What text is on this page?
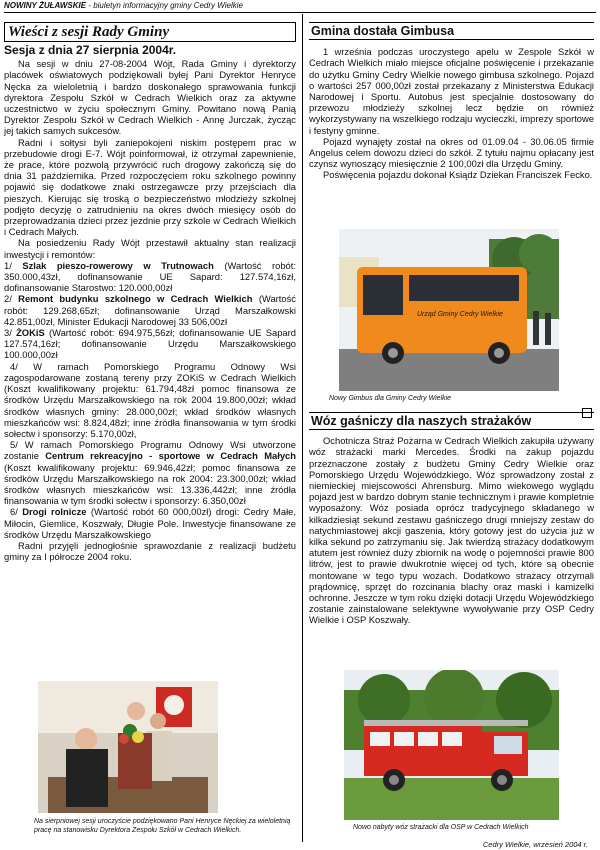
NOWINY ŻUŁAWSKIE - biuletyn informacyjny gminy Cedry Wielkie
Wieści z sesji Rady Gminy
Sesja z dnia 27 sierpnia 2004r.

Na sesji w dniu 27-08-2004 Wójt, Rada Gminy i dyrektorzy placówek oświatowych podziękowali byłej Pani Dyrektor Henryce Nęcka za wieloletnią i bardzo doskonałego sprawowania funkcji dyrektora Zespołu Szkół w Cedrach Wielkich oraz za aktywne uczestnictwo w życiu społecznym Gminy. Powitano nową Panią Dyrektor Zespołu Szkół w Cedrach Wielkich - Annę Jurczak, życząc jej takich samych sukcesów.

Radni i sołtysi byli zaniepokojeni niskim postępem prac w przebudowie drogi E-7. Wójt poinformował, iż otrzymał zapewnienie, że prace, które pozwolą przywrócić ruch drogowy zakończą się do dnia 31 października. Przed rozpoczęciem roku szkolnego powinny pojawić się dodatkowe znaki ostrzegawcze przy przejściach dla pieszych. Kierując się troską o bezpieczeństwo młodzieży szkolnej podjęto decyzję o zatrudnieniu na okres dwóch miesięcy osób do przeprowadzania dzieci przez jezdnie przy szkole w Cedrach Wielkich i Cedrach Małych.

Na posiedzeniu Rady Wójt przestawił aktualny stan realizacji inwestycji i remontów:

1/ Szlak pieszo-rowerowy w Trutnowach (Wartość robót: 350.000,43zł, dofinansowanie UE Sapard: 127.574,16zł, dofinansowanie Starostwo: 120.000,00zł

2/ Remont budynku szkolnego w Cedrach Wielkich (Wartość robót: 129.268,65zł; dofinansowanie Urząd Marszałkowski 42.851,00zł, Minister Edukacji Narodowej 33 506,00zł

3/ ŻOKiS (Wartość robót: 694.975,56zł; dofinansowanie UE Sapard 127.574,16zł; dofinansowanie Urzędu Marszałkowskiego 100.000,00zł

4/ W ramach Pomorskiego Programu Odnowy Wsi zagospodarowane zostaną tereny przy ZOKiS w Cedrach Wielkich (Koszt kwalifikowany projektu: 61.794,48zł pomoc finansowa ze środków Urzędu Marszałkowskiego na rok 2004 19.800,00zł; wkład środków własnych gminy: 28.000,00zł; wkład środków własnych mieszkańców wsi: 8.824,48zł; inne źródła finansowania w tym środki sołectw i sponsorzy: 5.170,00zł,

5/ W ramach Pomorskiego Programu Odnowy Wsi utworzone zostanie Centrum rekreacyjno - sportowe w Cedrach Małych (Koszt kwalifikowany projektu: 69.946,42zł; pomoc finansowa ze środków Urzędu Marszałkowskiego na rok 2004: 23.300,00zł; wkład środków własnych mieszkańców wsi: 13.336,442zł; inne źródła finansowania w tym środki sołectw i sponsorzy: 6.350,00zł

6/ Drogi rolnicze (Wartość robót 60 000,00zł) drogi: Cedry Małe, Miłocin, Giemlice, Koszwały, Długie Pole. Inwestycje finansowane ze środków Urzędu Marszałkowskiego

Radni przyjęli jednogłośnie sprawozdanie z realizacji budżetu gminy za I półrocze 2004 roku.

Na sierpniowej sesji uroczyście podziękowano Pani Henryce Nęckiej za wieloletnią pracę na stanowisku Dyrektora Zespołu Szkół w Cedrach Wielkich.
Gmina dostała Gimbusa

1 września podczas uroczystego apelu w Zespole Szkół w Cedrach Wielkich miało miejsce oficjalne poświęcenie i przekazanie do użytku Gminy Cedry Wielkie nowego gimbusa szkolnego. Pojazd o wartości 257 000,00zł został przekazany z Ministerstwa Edukacji Narodowej i Sportu. Autobus jest specjalnie dostosowany do przewozu młodzieży szkolnej lecz będzie on również wykorzystywany na wszelkiego rodzaju wycieczki, imprezy sportowe i festyny gminne.

Pojazd wynajęty został na okres od 01.09.04 - 30.06.05 firmie Angelus celem dowozu dzieci do szkół. Z tytułu najmu opłacany jest czynsz wynoszący miesięcznie 2 100,00zł dla Urzędu Gminy.

Poświęcenia pojazdu dokonał Ksiądz Dziekan Franciszek Fecko.

Urząd Gminy Cedry Wielkie
Nowy Gimbus dla Gminy Cedry Wielkie
Wóz gaśniczy dla naszych strażaków

Ochotnicza Straż Pożarna w Cedrach Wielkich zakupiła używany wóz strażacki marki Mercedes. Środki na zakup pojazdu przeznaczone zostały z budżetu Gminy Cedry Wielkie oraz Pomorskiego Urzędu Wojewódzkiego. Wóz sprowadzony został z niemieckiej miejscowości Ahrensburg. Mimo wiekowego wyglądu pojazd jest w bardzo dobrym stanie technicznym i prawie kompletnie wyposażony. Wóz posiada oprócz tradycyjnego składanego w kilkadziesiąt sekund zestawu gaśniczego drugi mniejszy zestaw do natychmiastowej akcji gaszenia, który gotowy jest do użycia już w kilka sekund po zatrzymaniu się. Jak twierdzą strażacy dodatkowym atutem jest również duży zbiornik na wodę o pojemności prawie 800 litrów, jest to prawie dwukrotnie więcej od tych, które są obecnie montowane w tego typu wozach. Dodatkowo strażacy otrzymali prądownicę, sprzęt do rozcinania blachy oraz maski i kamizelki ochronne. Jeszcze w tym roku dzięki dotacji Urzędu Wojewódzkiego zostanie zainstalowane selektywne wywoływanie przy OSP Cedry Wielkie i OSP Koszwały.

Nowo nabyty wóz strażacki dla OSP w Cedrach Wielkich
Cedry Wielkie, wrzesień 2004 r.
